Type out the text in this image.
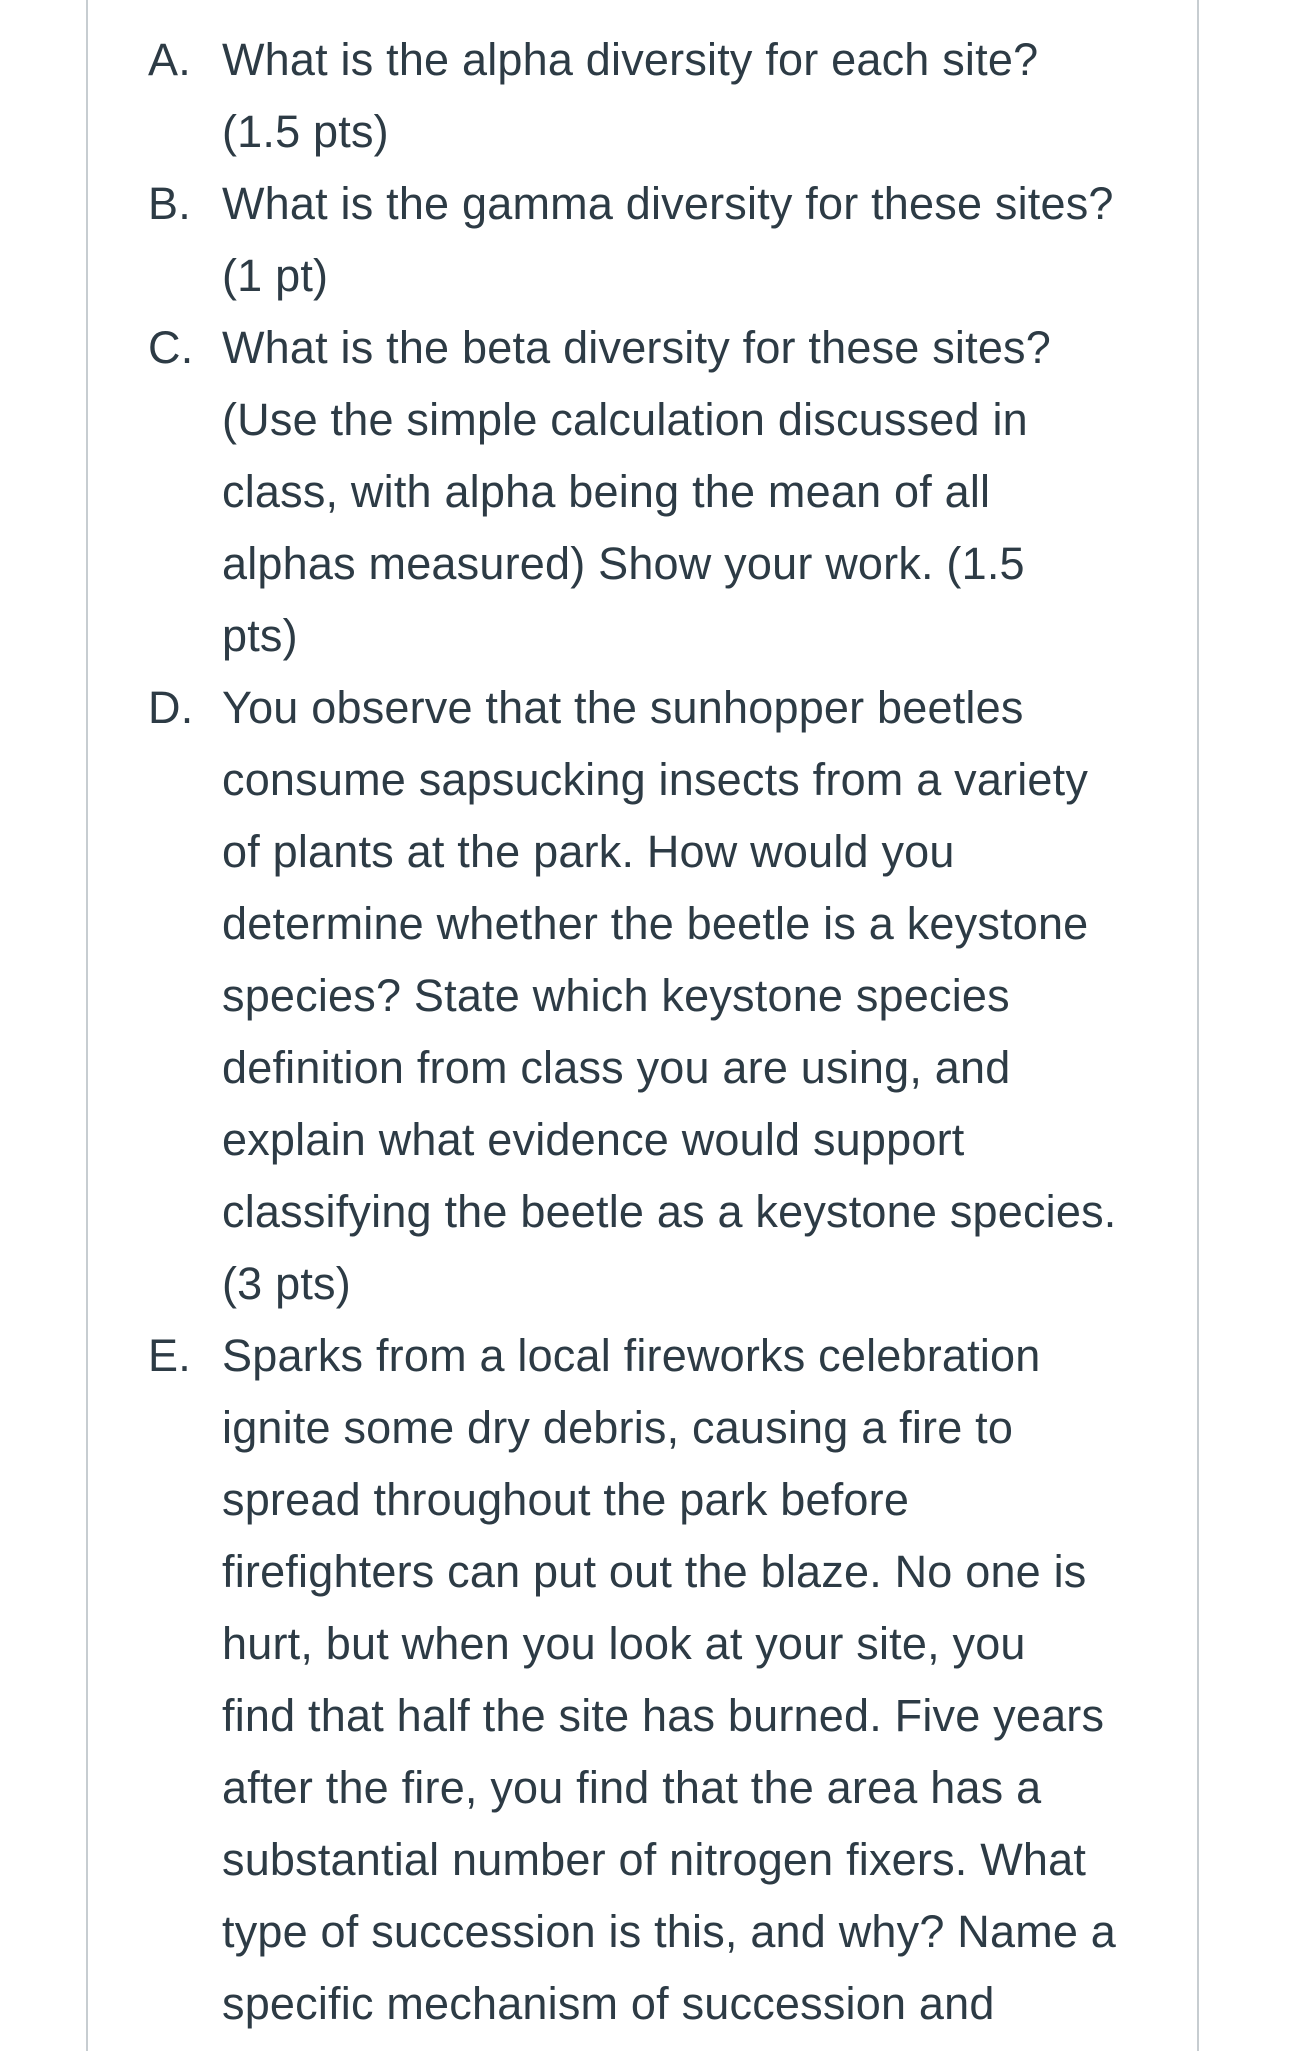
A. What is the alpha diversity for each site?
(1.5 pts)
B. What is the gamma diversity for these sites?
(1 pt)
C. What is the beta diversity for these sites?
(Use the simple calculation discussed in
class, with alpha being the mean of all
alphas measured) Show your work. (1.5
pts)
D. You observe that the sunhopper beetles
consume sapsucking insects from a variety
of plants at the park. How would you
determine whether the beetle is a keystone
species? State which keystone species
definition from class you are using, and
explain what evidence would support
classifying the beetle as a keystone species.
(3 pts)
E. Sparks from a local fireworks celebration
ignite some dry debris, causing a fire to
spread throughout the park before
firefighters can put out the blaze. No one is
hurt, but when you look at your site, you
find that half the site has burned. Five years
after the fire, you find that the area has a
substantial number of nitrogen fixers. What
type of succession is this, and why? Name a
specific mechanism of succession and
